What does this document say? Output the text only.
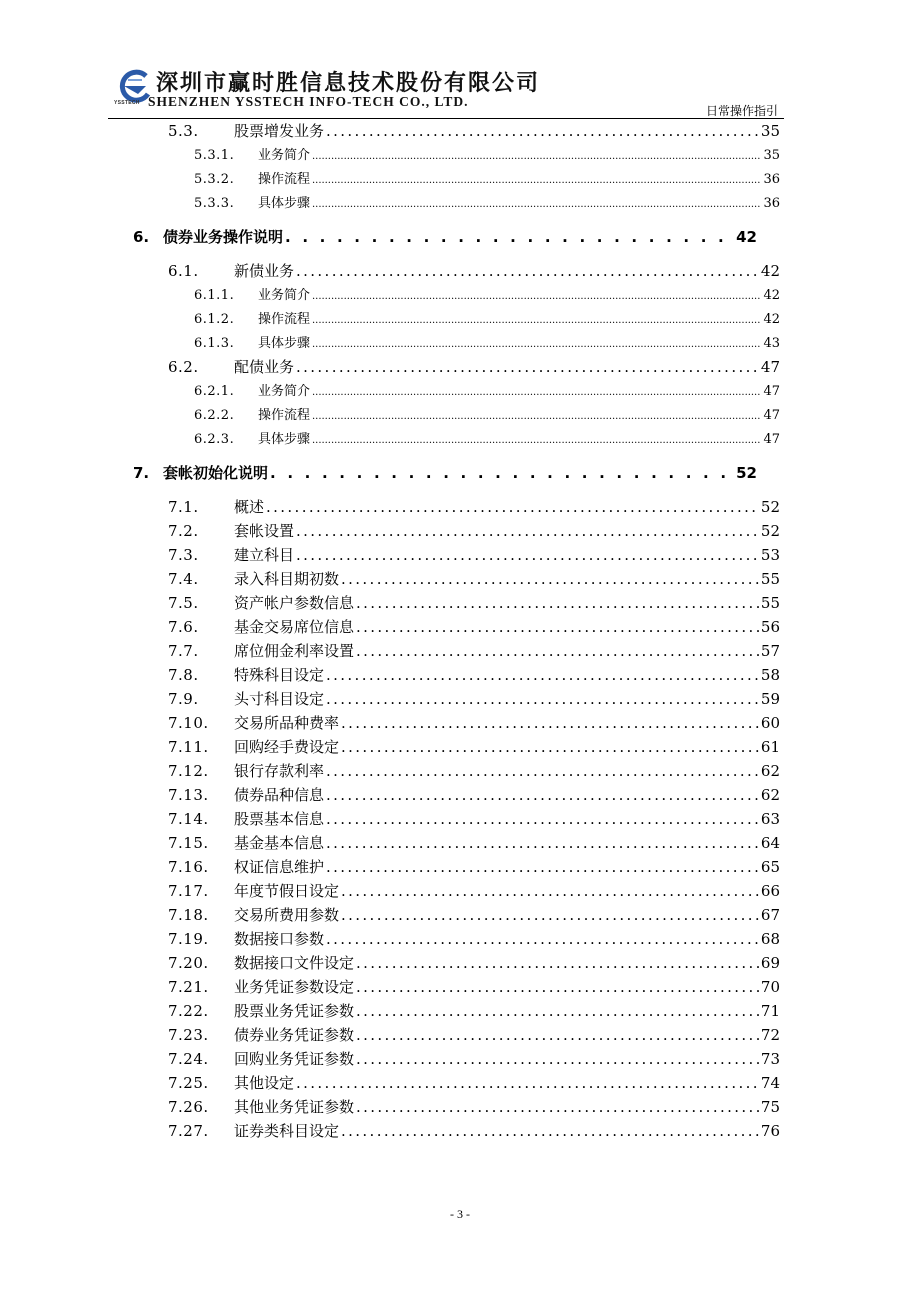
YSSTECH
深圳市赢时胜信息技术股份有限公司
SHENZHEN YSSTECH INFO-TECH CO., LTD.
日常操作指引
5.3.	股票增发业务 . . .	35
5.3.1.	业务简介 . . .	35
5.3.2.	操作流程 . . .	36
5.3.3.	具体步骤 . . .	36
6. 债券业务操作说明 . . .	42
6.1.	新债业务 . . .	42
6.1.1.	业务简介 . . .	42
6.1.2.	操作流程 . . .	42
6.1.3.	具体步骤 . . .	43
6.2.	配债业务 . . .	47
6.2.1.	业务简介 . . .	47
6.2.2.	操作流程 . . .	47
6.2.3.	具体步骤 . . .	47
7. 套帐初始化说明 . . .	52
7.1.	概述 . . .	52
7.2.	套帐设置 . . .	52
7.3.	建立科目 . . .	53
7.4.	录入科目期初数 . . .	55
7.5.	资产帐户参数信息 . . .	55
7.6.	基金交易席位信息 . . .	56
7.7.	席位佣金利率设置 . . .	57
7.8.	特殊科目设定 . . .	58
7.9.	头寸科目设定 . . .	59
7.10.	交易所品种费率 . . .	60
7.11.	回购经手费设定 . . .	61
7.12.	银行存款利率 . . .	62
7.13.	债券品种信息 . . .	62
7.14.	股票基本信息 . . .	63
7.15.	基金基本信息 . . .	64
7.16.	权证信息维护 . . .	65
7.17.	年度节假日设定 . . .	66
7.18.	交易所费用参数 . . .	67
7.19.	数据接口参数 . . .	68
7.20.	数据接口文件设定 . . .	69
7.21.	业务凭证参数设定 . . .	70
7.22.	股票业务凭证参数 . . .	71
7.23.	债券业务凭证参数 . . .	72
7.24.	回购业务凭证参数 . . .	73
7.25.	其他设定 . . .	74
7.26.	其他业务凭证参数 . . .	75
7.27.	证券类科目设定 . . .	76
- 3 -
